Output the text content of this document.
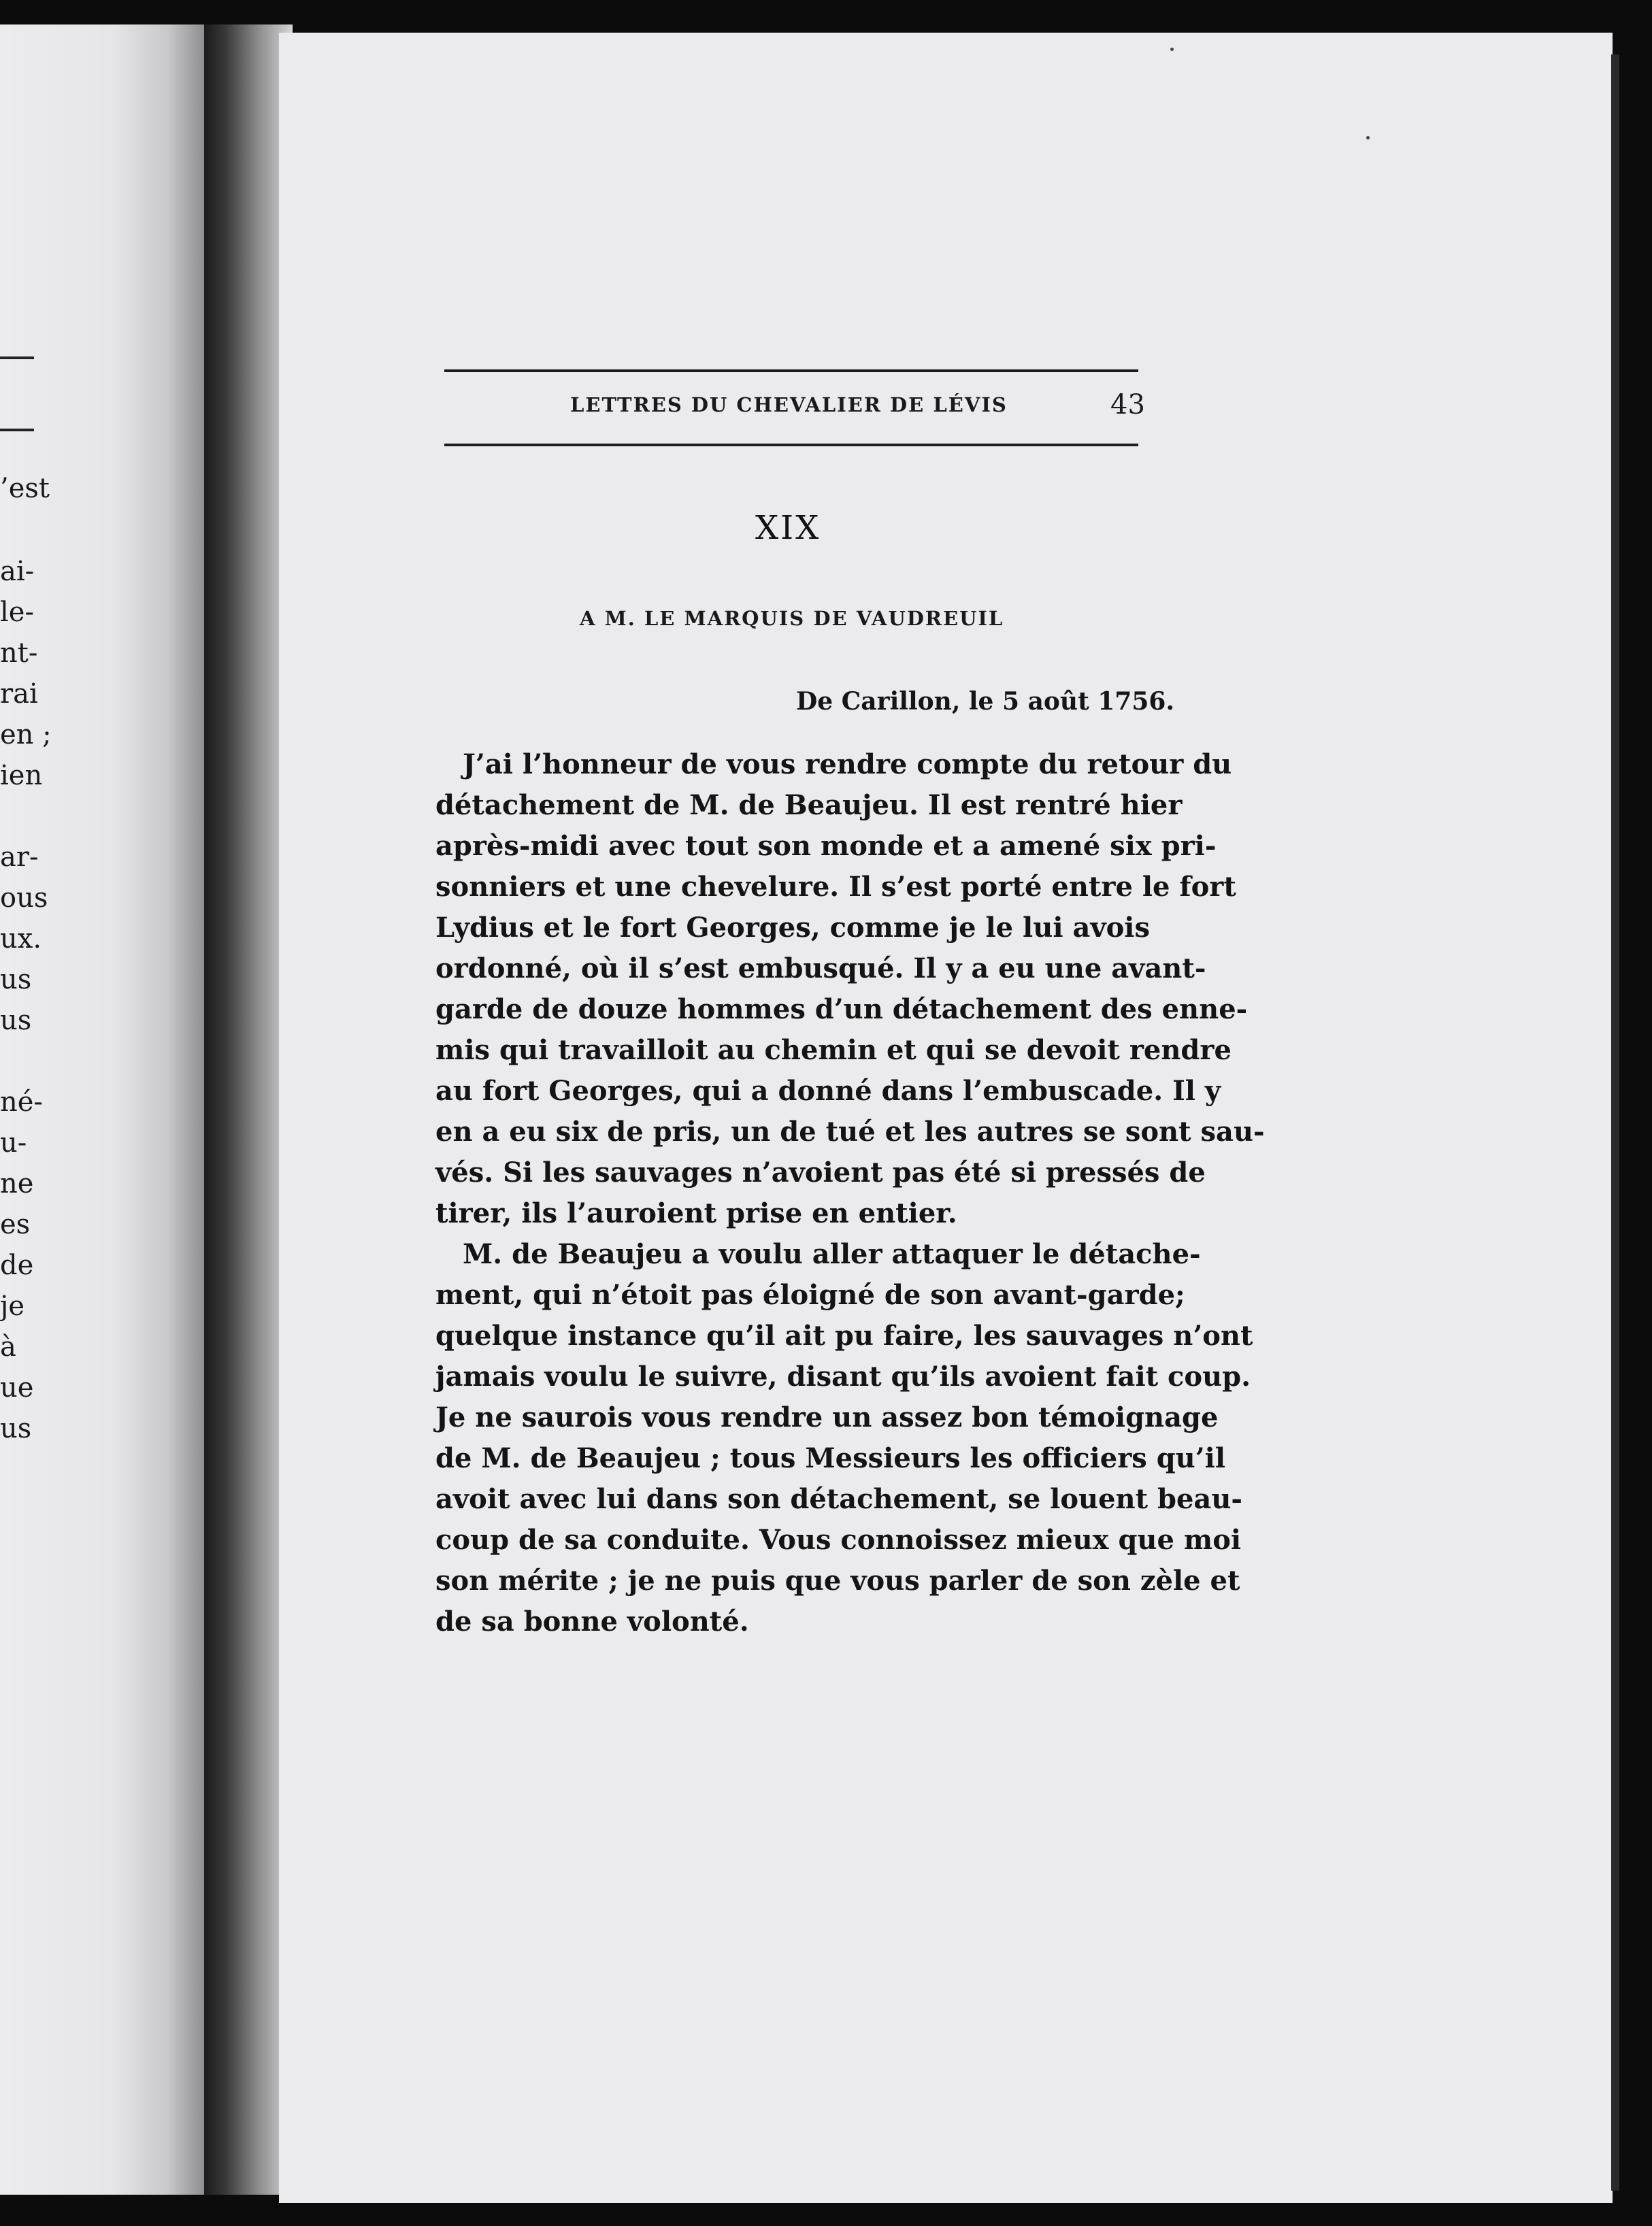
’est
ai-
le-
nt-
rai
en ;
ien
ar-
ous
ux.
us
us
né-
u-
ne
es
de
je
à
ue
us
LETTRES DU CHEVALIER DE LÉVIS	43
XIX
A M. LE MARQUIS DE VAUDREUIL
De Carillon, le 5 août 1756.
J’ai l’honneur de vous rendre compte du retour du
détachement de M. de Beaujeu. Il est rentré hier
après-midi avec tout son monde et a amené six pri-
sonniers et une chevelure. Il s’est porté entre le fort
Lydius et le fort Georges, comme je le lui avois
ordonné, où il s’est embusqué. Il y a eu une avant-
garde de douze hommes d’un détachement des enne-
mis qui travailloit au chemin et qui se devoit rendre
au fort Georges, qui a donné dans l’embuscade. Il y
en a eu six de pris, un de tué et les autres se sont sau-
vés. Si les sauvages n’avoient pas été si pressés de
tirer, ils l’auroient prise en entier.
M. de Beaujeu a voulu aller attaquer le détache-
ment, qui n’étoit pas éloigné de son avant-garde;
quelque instance qu’il ait pu faire, les sauvages n’ont
jamais voulu le suivre, disant qu’ils avoient fait coup.
Je ne saurois vous rendre un assez bon témoignage
de M. de Beaujeu ; tous Messieurs les officiers qu’il
avoit avec lui dans son détachement, se louent beau-
coup de sa conduite. Vous connoissez mieux que moi
son mérite ; je ne puis que vous parler de son zèle et
de sa bonne volonté.
